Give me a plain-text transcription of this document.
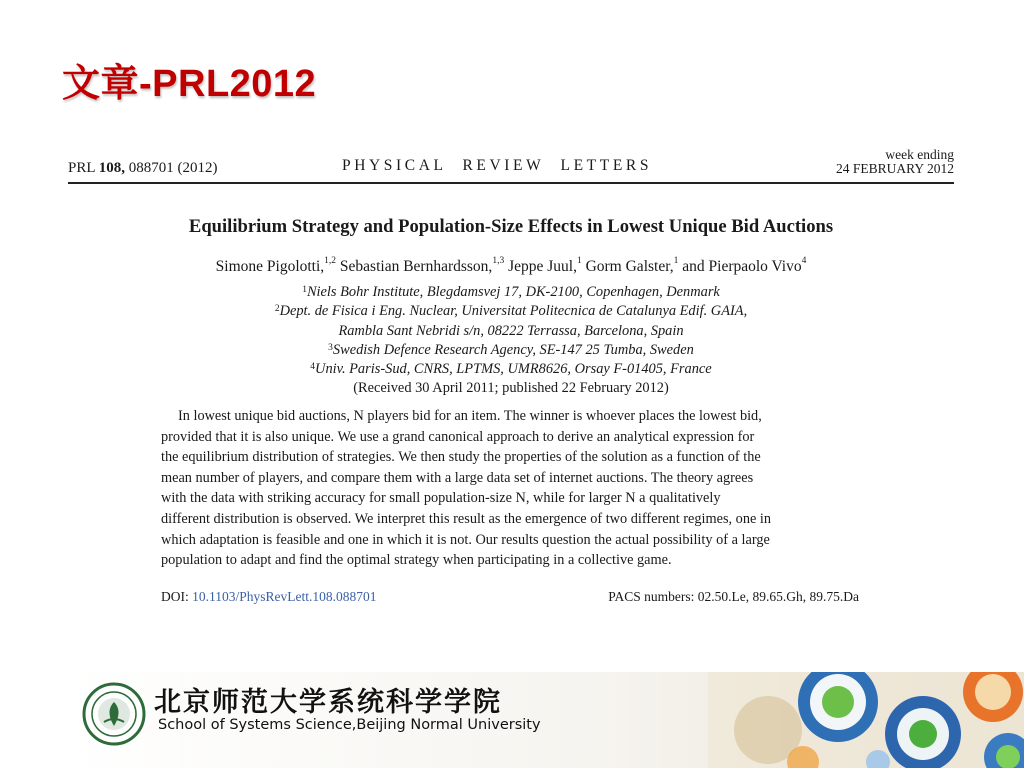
文章-PRL2012
PRL 108, 088701 (2012)	PHYSICAL REVIEW LETTERS
week ending
24 FEBRUARY 2012
Equilibrium Strategy and Population-Size Effects in Lowest Unique Bid Auctions
Simone Pigolotti,$^{1,2}$ Sebastian Bernhardsson,$^{1,3}$ Jeppe Juul,$^1$ Gorm Galster,$^1$ and Pierpaolo Vivo$^4$
$^1$Niels Bohr Institute, Blegdamsvej 17, DK-2100, Copenhagen, Denmark
$^2$Dept. de Fisica i Eng. Nuclear, Universitat Politecnica de Catalunya Edif. GAIA,
Rambla Sant Nebridi s/n, 08222 Terrassa, Barcelona, Spain
$^3$Swedish Defence Research Agency, SE-147 25 Tumba, Sweden
$^4$Univ. Paris-Sud, CNRS, LPTMS, UMR8626, Orsay F-01405, France
(Received 30 April 2011; published 22 February 2012)
In lowest unique bid auctions, N players bid for an item. The winner is whoever places the lowest bid,
provided that it is also unique. We use a grand canonical approach to derive an analytical expression for
the equilibrium distribution of strategies. We then study the properties of the solution as a function of the
mean number of players, and compare them with a large data set of internet auctions. The theory agrees
with the data with striking accuracy for small population-size N, while for larger N a qualitatively
different distribution is observed. We interpret this result as the emergence of two different regimes, one in
which adaptation is feasible and one in which it is not. Our results question the actual possibility of a large
population to adapt and find the optimal strategy when participating in a collective game.
DOI: 10.1103/PhysRevLett.108.088701	PACS numbers: 02.50.Le, 89.65.Gh, 89.75.Da
北京师范大学系统科学学院
School of Systems Science,Beijing Normal University
